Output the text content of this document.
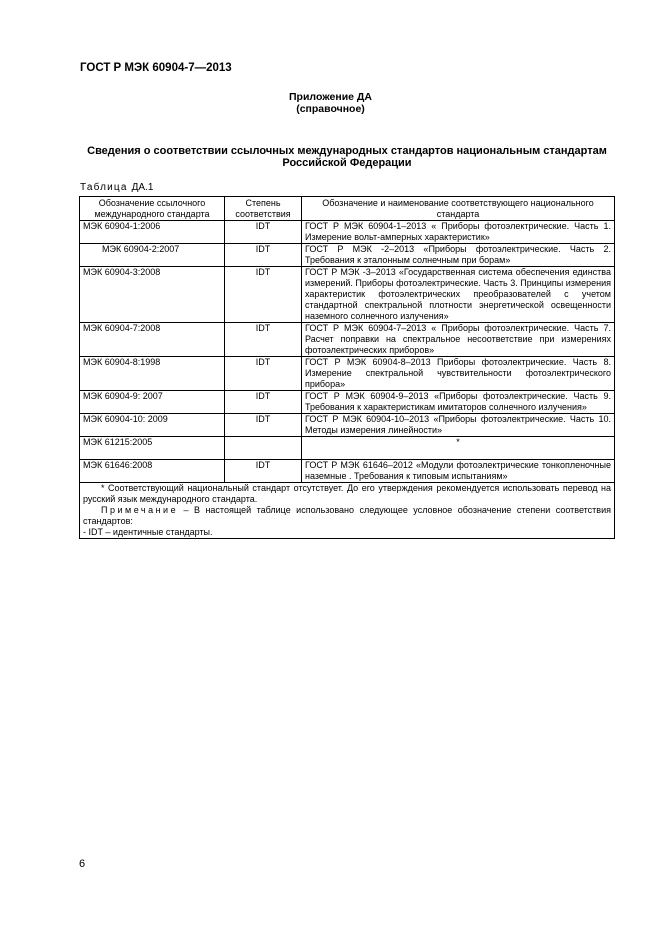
ГОСТ Р МЭК 60904-7—2013
Приложение ДА
(справочное)
Сведения о соответствии ссылочных международных стандартов национальным стандартам Российской Федерации
Таблица ДА.1
Обозначение ссылочного международного стандарта	Степень соответствия	Обозначение и наименование соответствующего национального стандарта
МЭК 60904-1:2006	IDT	ГОСТ Р МЭК 60904-1–2013 « Приборы фотоэлектрические. Часть 1. Измерение вольт-амперных характеристик»
МЭК 60904-2:2007	IDT	ГОСТ Р МЭК -2–2013 «Приборы фотоэлектрические. Часть 2. Требования к эталонным солнечным при борам»
МЭК 60904-3:2008	IDT	ГОСТ Р МЭК -3–2013 «Государственная система обеспечения единства измерений. Приборы фотоэлектрические. Часть 3. Принципы измерения характеристик фотоэлектрических преобразователей с учетом стандартной спектральной плотности энергетической освещенности наземного солнечного излучения»
МЭК 60904-7:2008	IDT	ГОСТ Р МЭК 60904-7–2013 « Приборы фотоэлектрические. Часть 7. Расчет поправки на спектральное несоответствие при измерениях фотоэлектрических приборов»
МЭК 60904-8:1998	IDT	ГОСТ Р МЭК 60904-8–2013 Приборы фотоэлектрические. Часть 8. Измерение спектральной чувствительности фотоэлектрического прибора»
МЭК 60904-9: 2007	IDT	ГОСТ Р МЭК 60904-9–2013 «Приборы фотоэлектрические. Часть 9. Требования к характеристикам имитаторов солнечного излучения»
МЭК 60904-10: 2009	IDT	ГОСТ Р МЭК 60904-10–2013 «Приборы фотоэлектрические. Часть 10. Методы измерения линейности»
МЭК 61215:2005		*
МЭК 61646:2008	IDT	ГОСТ Р МЭК 61646–2012 «Модули фотоэлектрические тонкопленочные наземные . Требования к типовым испытаниям»

* Соответствующий национальный стандарт отсутствует. До его утверждения рекомендуется использовать перевод на русский язык международного стандарта.
Примечание – В настоящей таблице использовано следующее условное обозначение степени соответствия стандартов:
- IDT – идентичные стандарты.		
6
